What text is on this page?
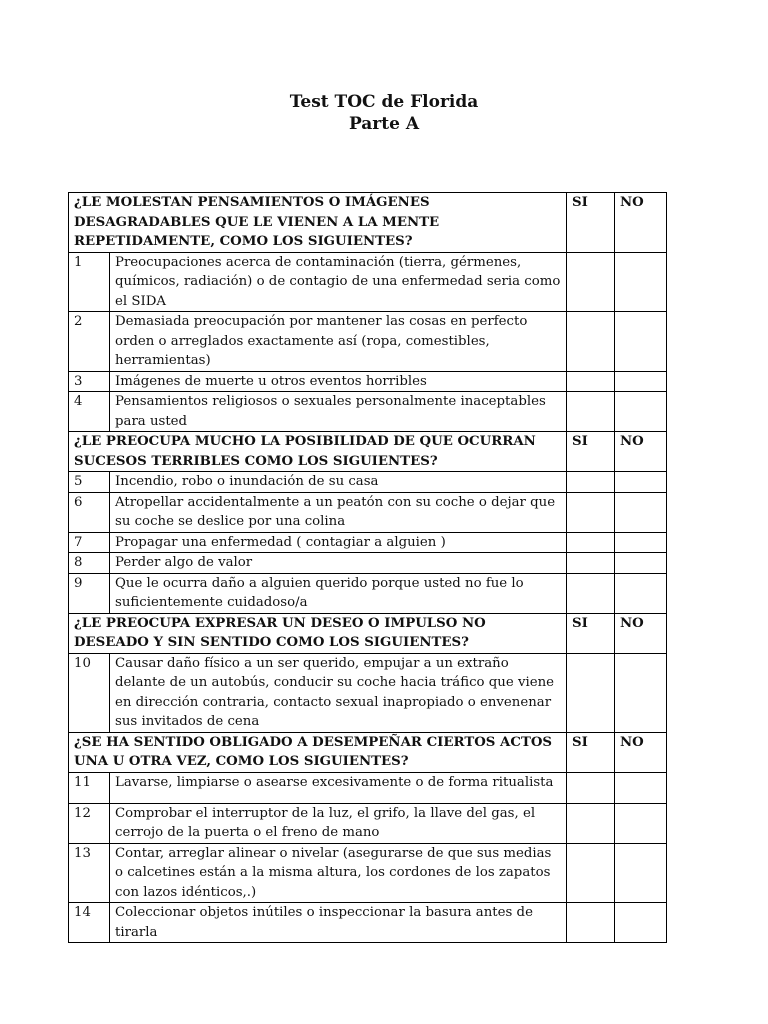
Test TOC de Florida
Parte A
¿LE MOLESTAN PENSAMIENTOS O IMÁGENES DESAGRADABLES QUE LE VIENEN A LA MENTE REPETIDAMENTE, COMO LOS SIGUIENTES?		SI	NO
1	Preocupaciones acerca de contaminación (tierra, gérmenes, químicos, radiación) o de contagio de una enfermedad seria como el SIDA		
2	Demasiada preocupación por mantener las cosas en perfecto orden o arreglados exactamente así (ropa, comestibles, herramientas)		
3	Imágenes de muerte u otros eventos horribles		
4	Pensamientos religiosos o sexuales personalmente inaceptables para usted		
¿LE PREOCUPA MUCHO LA POSIBILIDAD DE QUE OCURRAN SUCESOS TERRIBLES COMO LOS SIGUIENTES?		SI	NO
5	Incendio, robo o inundación de su casa		
6	Atropellar accidentalmente a un peatón con su coche o dejar que su coche se deslice por una colina		
7	Propagar una enfermedad ( contagiar a alguien )		
8	Perder algo de valor		
9	Que le ocurra daño a alguien querido porque usted no fue lo suficientemente cuidadoso/a		
¿LE PREOCUPA EXPRESAR UN DESEO O IMPULSO NO DESEADO Y SIN SENTIDO COMO LOS SIGUIENTES?		SI	NO
10	Causar daño físico a un ser querido, empujar a un extraño delante de un autobús, conducir su coche hacia tráfico que viene en dirección contraria, contacto sexual inapropiado o envenenar sus invitados de cena		
¿SE HA SENTIDO OBLIGADO A DESEMPEÑAR CIERTOS ACTOS UNA U OTRA VEZ, COMO LOS SIGUIENTES?		SI	NO
11	Lavarse, limpiarse o asearse excesivamente o de forma ritualista		
12	Comprobar el interruptor de la luz, el grifo, la llave del gas, el cerrojo de la puerta o el freno de mano		
13	Contar, arreglar alinear o nivelar (asegurarse de que sus medias o calcetines están a la misma altura, los cordones de los zapatos con lazos idénticos,.)		
14	Coleccionar objetos inútiles o inspeccionar la basura antes de tirarla		
